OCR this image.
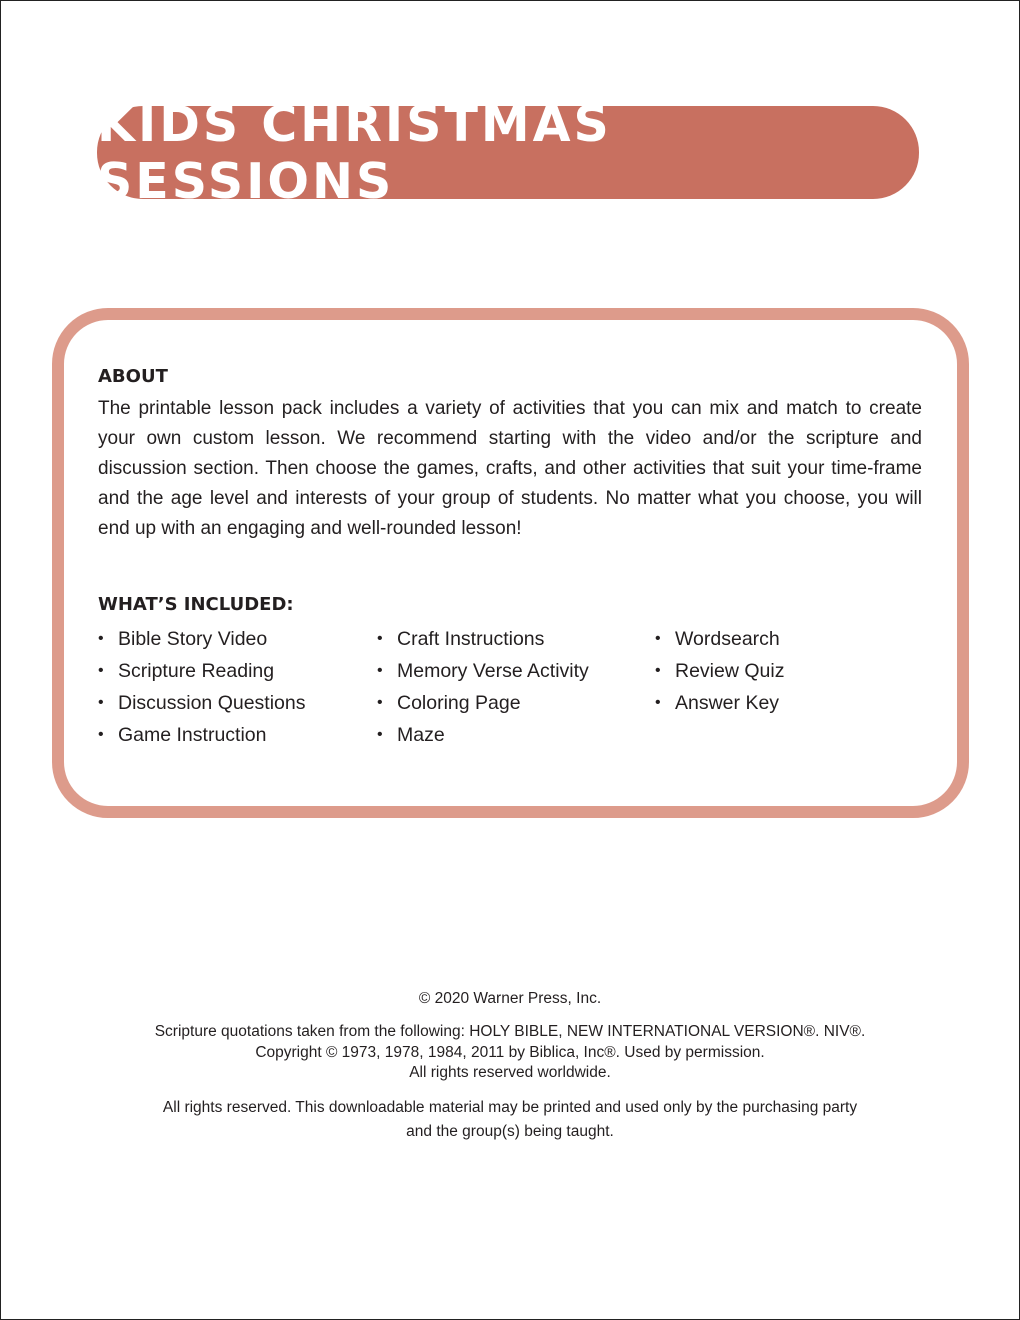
KIDS CHRISTMAS SESSIONS
ABOUT
The printable lesson pack includes a variety of activities that you can mix and match to create your own custom lesson. We recommend starting with the video and/or the scripture and discussion section. Then choose the games, crafts, and other activities that suit your time-frame and the age level and interests of your group of students. No matter what you choose, you will end up with an engaging and well-rounded lesson!
WHAT’S INCLUDED:
• Bible Story Video
• Scripture Reading
• Discussion Questions
• Game Instruction
• Craft Instructions
• Memory Verse Activity
• Coloring Page
• Maze
• Wordsearch
• Review Quiz
• Answer Key

© 2020 Warner Press, Inc.

Scripture quotations taken from the following: HOLY BIBLE, NEW INTERNATIONAL VERSION®. NIV®.
Copyright © 1973, 1978, 1984, 2011 by Biblica, Inc®. Used by permission.
All rights reserved worldwide.

All rights reserved. This downloadable material may be printed and used only by the purchasing party
and the group(s) being taught.
